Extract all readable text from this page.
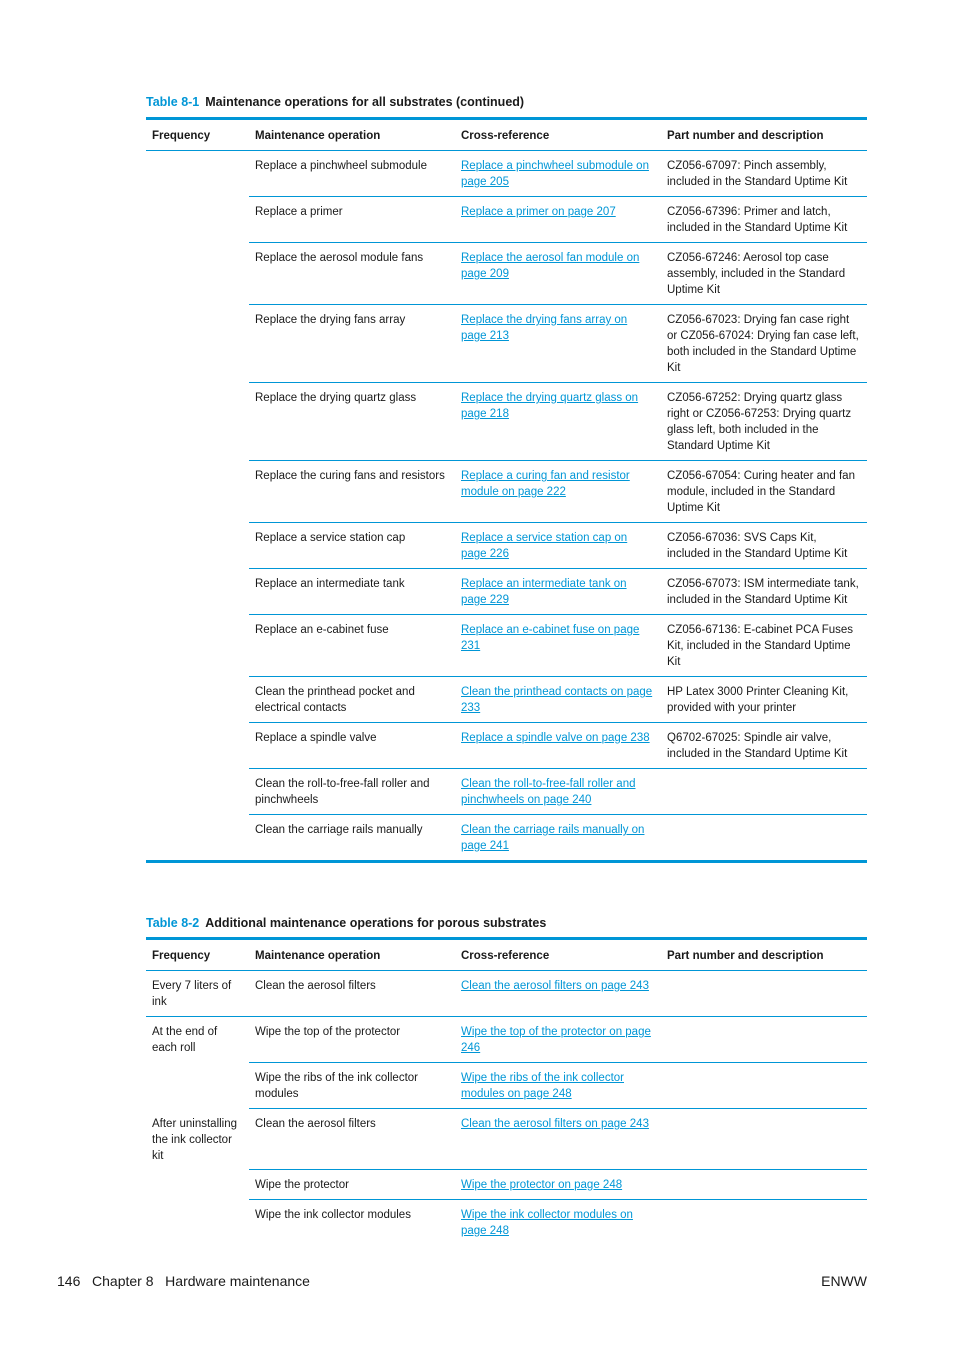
Table 8-1 Maintenance operations for all substrates (continued)
Frequency	Maintenance operation	Cross-reference	Part number and description
	Replace a pinchwheel submodule	Replace a pinchwheel submodule on page 205	CZ056-67097: Pinch assembly, included in the Standard Uptime Kit
	Replace a primer	Replace a primer on page 207	CZ056-67396: Primer and latch, included in the Standard Uptime Kit
	Replace the aerosol module fans	Replace the aerosol fan module on page 209	CZ056-67246: Aerosol top case assembly, included in the Standard Uptime Kit
	Replace the drying fans array	Replace the drying fans array on page 213	CZ056-67023: Drying fan case right or CZ056-67024: Drying fan case left, both included in the Standard Uptime Kit
	Replace the drying quartz glass	Replace the drying quartz glass on page 218	CZ056-67252: Drying quartz glass right or CZ056-67253: Drying quartz glass left, both included in the Standard Uptime Kit
	Replace the curing fans and resistors	Replace a curing fan and resistor module on page 222	CZ056-67054: Curing heater and fan module, included in the Standard Uptime Kit
	Replace a service station cap	Replace a service station cap on page 226	CZ056-67036: SVS Caps Kit, included in the Standard Uptime Kit
	Replace an intermediate tank	Replace an intermediate tank on page 229	CZ056-67073: ISM intermediate tank, included in the Standard Uptime Kit
	Replace an e-cabinet fuse	Replace an e-cabinet fuse on page 231	CZ056-67136: E-cabinet PCA Fuses Kit, included in the Standard Uptime Kit
	Clean the printhead pocket and electrical contacts	Clean the printhead contacts on page 233	HP Latex 3000 Printer Cleaning Kit, provided with your printer
	Replace a spindle valve	Replace a spindle valve on page 238	Q6702-67025: Spindle air valve, included in the Standard Uptime Kit
	Clean the roll-to-free-fall roller and pinchwheels	Clean the roll-to-free-fall roller and pinchwheels on page 240	
	Clean the carriage rails manually	Clean the carriage rails manually on page 241	
Table 8-2 Additional maintenance operations for porous substrates
Frequency	Maintenance operation	Cross-reference	Part number and description
Every 7 liters of ink	Clean the aerosol filters	Clean the aerosol filters on page 243	
At the end of each roll	Wipe the top of the protector	Wipe the top of the protector on page 246	
	Wipe the ribs of the ink collector modules	Wipe the ribs of the ink collector modules on page 248	
After uninstalling the ink collector kit	Clean the aerosol filters	Clean the aerosol filters on page 243	
	Wipe the protector	Wipe the protector on page 248	
	Wipe the ink collector modules	Wipe the ink collector modules on page 248	
146   Chapter 8   Hardware maintenance	ENWW
